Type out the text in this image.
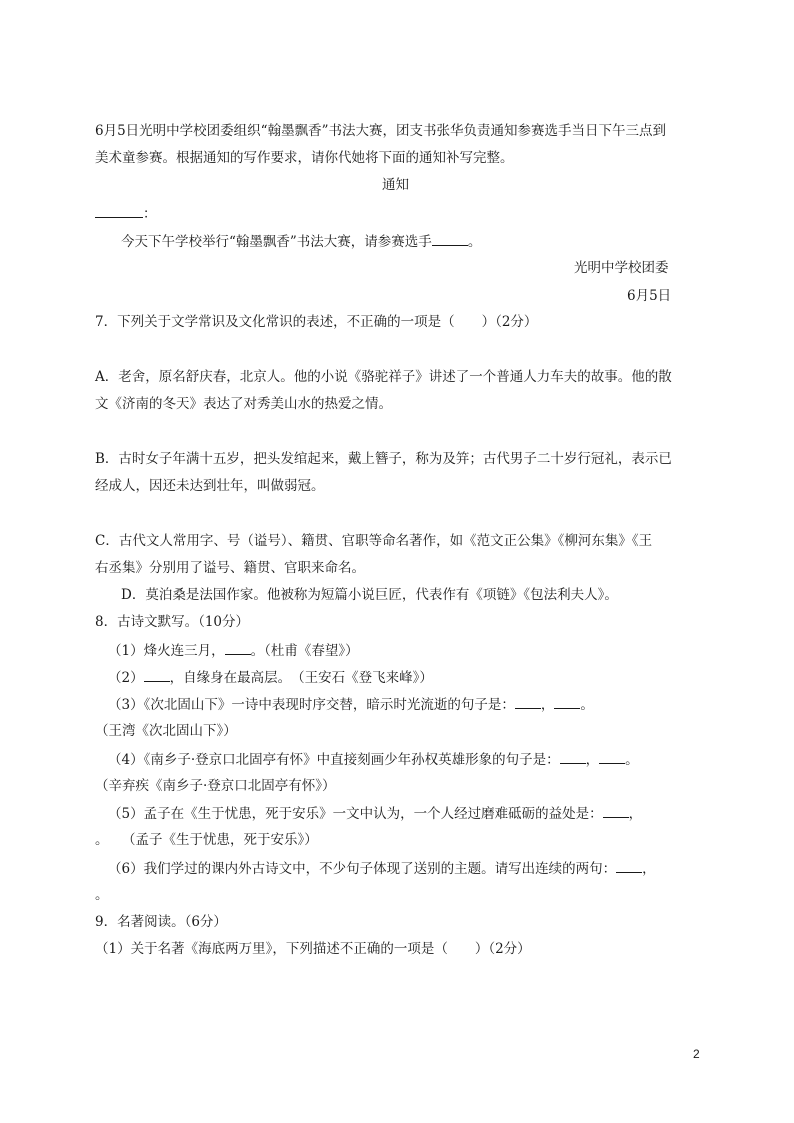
6月5日光明中学校团委组织“翰墨飘香”书法大赛，团支书张华负责通知参赛选手当日下午三点到
美术童参赛。根据通知的写作要求，请你代她将下面的通知补写完整。
通知
：
今天下午学校举行“翰墨飘香”书法大赛，请参赛选手	。
光明中学校团委
6月5日
7．下列关于文学常识及文化常识的表述，不正确的一项是（　　）（2分）
A．老舍，原名舒庆春，北京人。他的小说《骆驼祥子》讲述了一个普通人力车夫的故事。他的散
文《济南的冬天》表达了对秀美山水的热爱之情。
B．古时女子年满十五岁，把头发绾起来，戴上簪子，称为及笄；古代男子二十岁行冠礼，表示已
经成人，因还未达到壮年，叫做弱冠。
C．古代文人常用字、号（谥号）、籍贯、官职等命名著作，如《范文正公集》《柳河东集》《王
右丞集》分别用了谥号、籍贯、官职来命名。
D．莫泊桑是法国作家。他被称为短篇小说巨匠，代表作有《项链》《包法利夫人》。
8．古诗文默写。（10分）
（1）烽火连三月， 。（杜甫《春望》）
（2） ，自缘身在最高层。　（王安石《登飞来峰》）
（3）《次北固山下》一诗中表现时序交替，暗示时光流逝的句子是： ， 。
（王湾《次北固山下》）
（4）《南乡子·登京口北固亭有怀》中直接刻画少年孙权英雄形象的句子是： ， 。
（辛弃疾《南乡子·登京口北固亭有怀》）
（5）孟子在《生于忧患，死于安乐》一文中认为，一个人经过磨难砥砺的益处是： ，
。　　（孟子《生于忧患，死于安乐》）
（6）我们学过的课内外古诗文中，不少句子体现了送别的主题。请写出连续的两句： ，
。
9．名著阅读。（6分）
（1）关于名著《海底两万里》，下列描述不正确的一项是（　　）（2分）
2
